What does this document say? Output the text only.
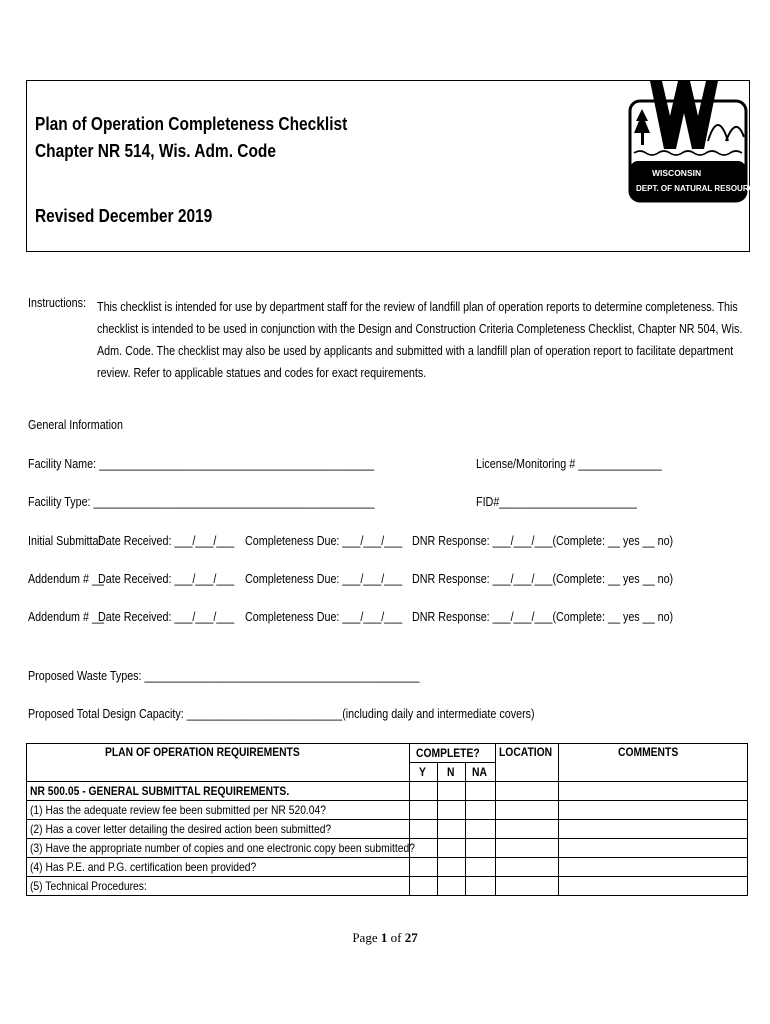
Plan of Operation Completeness Checklist
Chapter NR 514, Wis. Adm. Code
Revised December 2019
WISCONSIN
DEPT. OF NATURAL RESOURCES
Instructions: This checklist is intended for use by department staff for the review of landfill plan of operation reports to determine completeness. This
checklist is intended to be used in conjunction with the Design and Construction Criteria Completeness Checklist, Chapter NR 504, Wis.
Adm. Code. The checklist may also be used by applicants and submitted with a landfill plan of operation report to facilitate department
review. Refer to applicable statues and codes for exact requirements.
General Information
Facility Name: ______________________________________________	License/Monitoring # ______________
Facility Type: _______________________________________________	FID#_______________________
Initial Submittal:
Date Received: ___/___/___ Completeness Due: ___/___/___ DNR Response: ___/___/___(Complete: __ yes __ no)
Addendum # __
Date Received: ___/___/___ Completeness Due: ___/___/___ DNR Response: ___/___/___(Complete: __ yes __ no)
Addendum # __
Date Received: ___/___/___ Completeness Due: ___/___/___ DNR Response: ___/___/___(Complete: __ yes __ no)
Proposed Waste Types: ______________________________________________
Proposed Total Design Capacity: __________________________(including daily and intermediate covers)
PLAN OF OPERATION REQUIREMENTS	COMPLETE?			LOCATION	COMMENTS
	Y	N	NA		
NR 500.05 - GENERAL SUBMITTAL REQUIREMENTS.					
(1) Has the adequate review fee been submitted per NR 520.04?					
(2) Has a cover letter detailing the desired action been submitted?					
(3) Have the appropriate number of copies and one electronic copy been submitted?					
(4) Has P.E. and P.G. certification been provided?					
(5) Technical Procedures:					
Page 1 of 27
